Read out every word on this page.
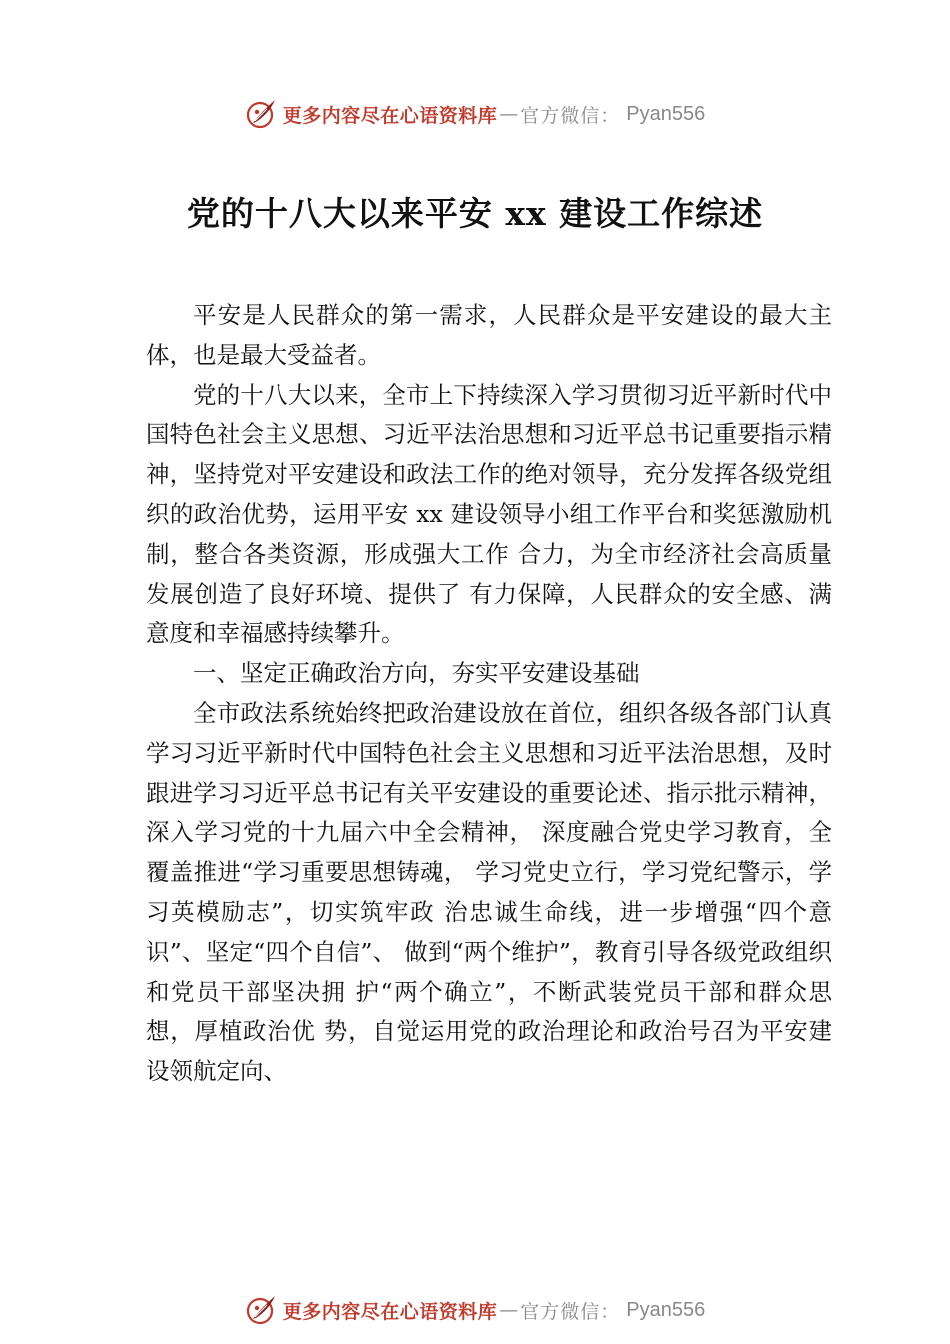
更多内容尽在心语资料库 — 官方微信： Pyan556
党的十八大以来平安 xx 建设工作综述

平安是人民群众的第一需求，人民群众是平安建设的最大主体，也是最大受益者。

党的十八大以来，全市上下持续深入学习贯彻习近平新时代中国特色社会主义思想、习近平法治思想和习近平总书记重要指示精神，坚持党对平安建设和政法工作的绝对领导，充分发挥各级党组织的政治优势，运用平安 xx 建设领导小组工作平台和奖惩激励机制，整合各类资源，形成强大工作 合力，为全市经济社会高质量发展创造了良好环境、提供了 有力保障，人民群众的安全感、满意度和幸福感持续攀升。

一、坚定正确政治方向，夯实平安建设基础

全市政法系统始终把政治建设放在首位，组织各级各部门认真学习习近平新时代中国特色社会主义思想和习近平法治思想，及时跟进学习习近平总书记有关平安建设的重要论述、指示批示精神，深入学习党的十九届六中全会精神， 深度融合党史学习教育，全覆盖推进“学习重要思想铸魂， 学习党史立行，学习党纪警示，学习英模励志”，切实筑牢政 治忠诚生命线，进一步增强“四个意识”、坚定“四个自信”、 做到“两个维护”，教育引导各级党政组织和党员干部坚决拥 护“两个确立”，不断武装党员干部和群众思想，厚植政治优 势，自觉运用党的政治理论和政治号召为平安建设领航定向、

更多内容尽在心语资料库 — 官方微信： Pyan556
